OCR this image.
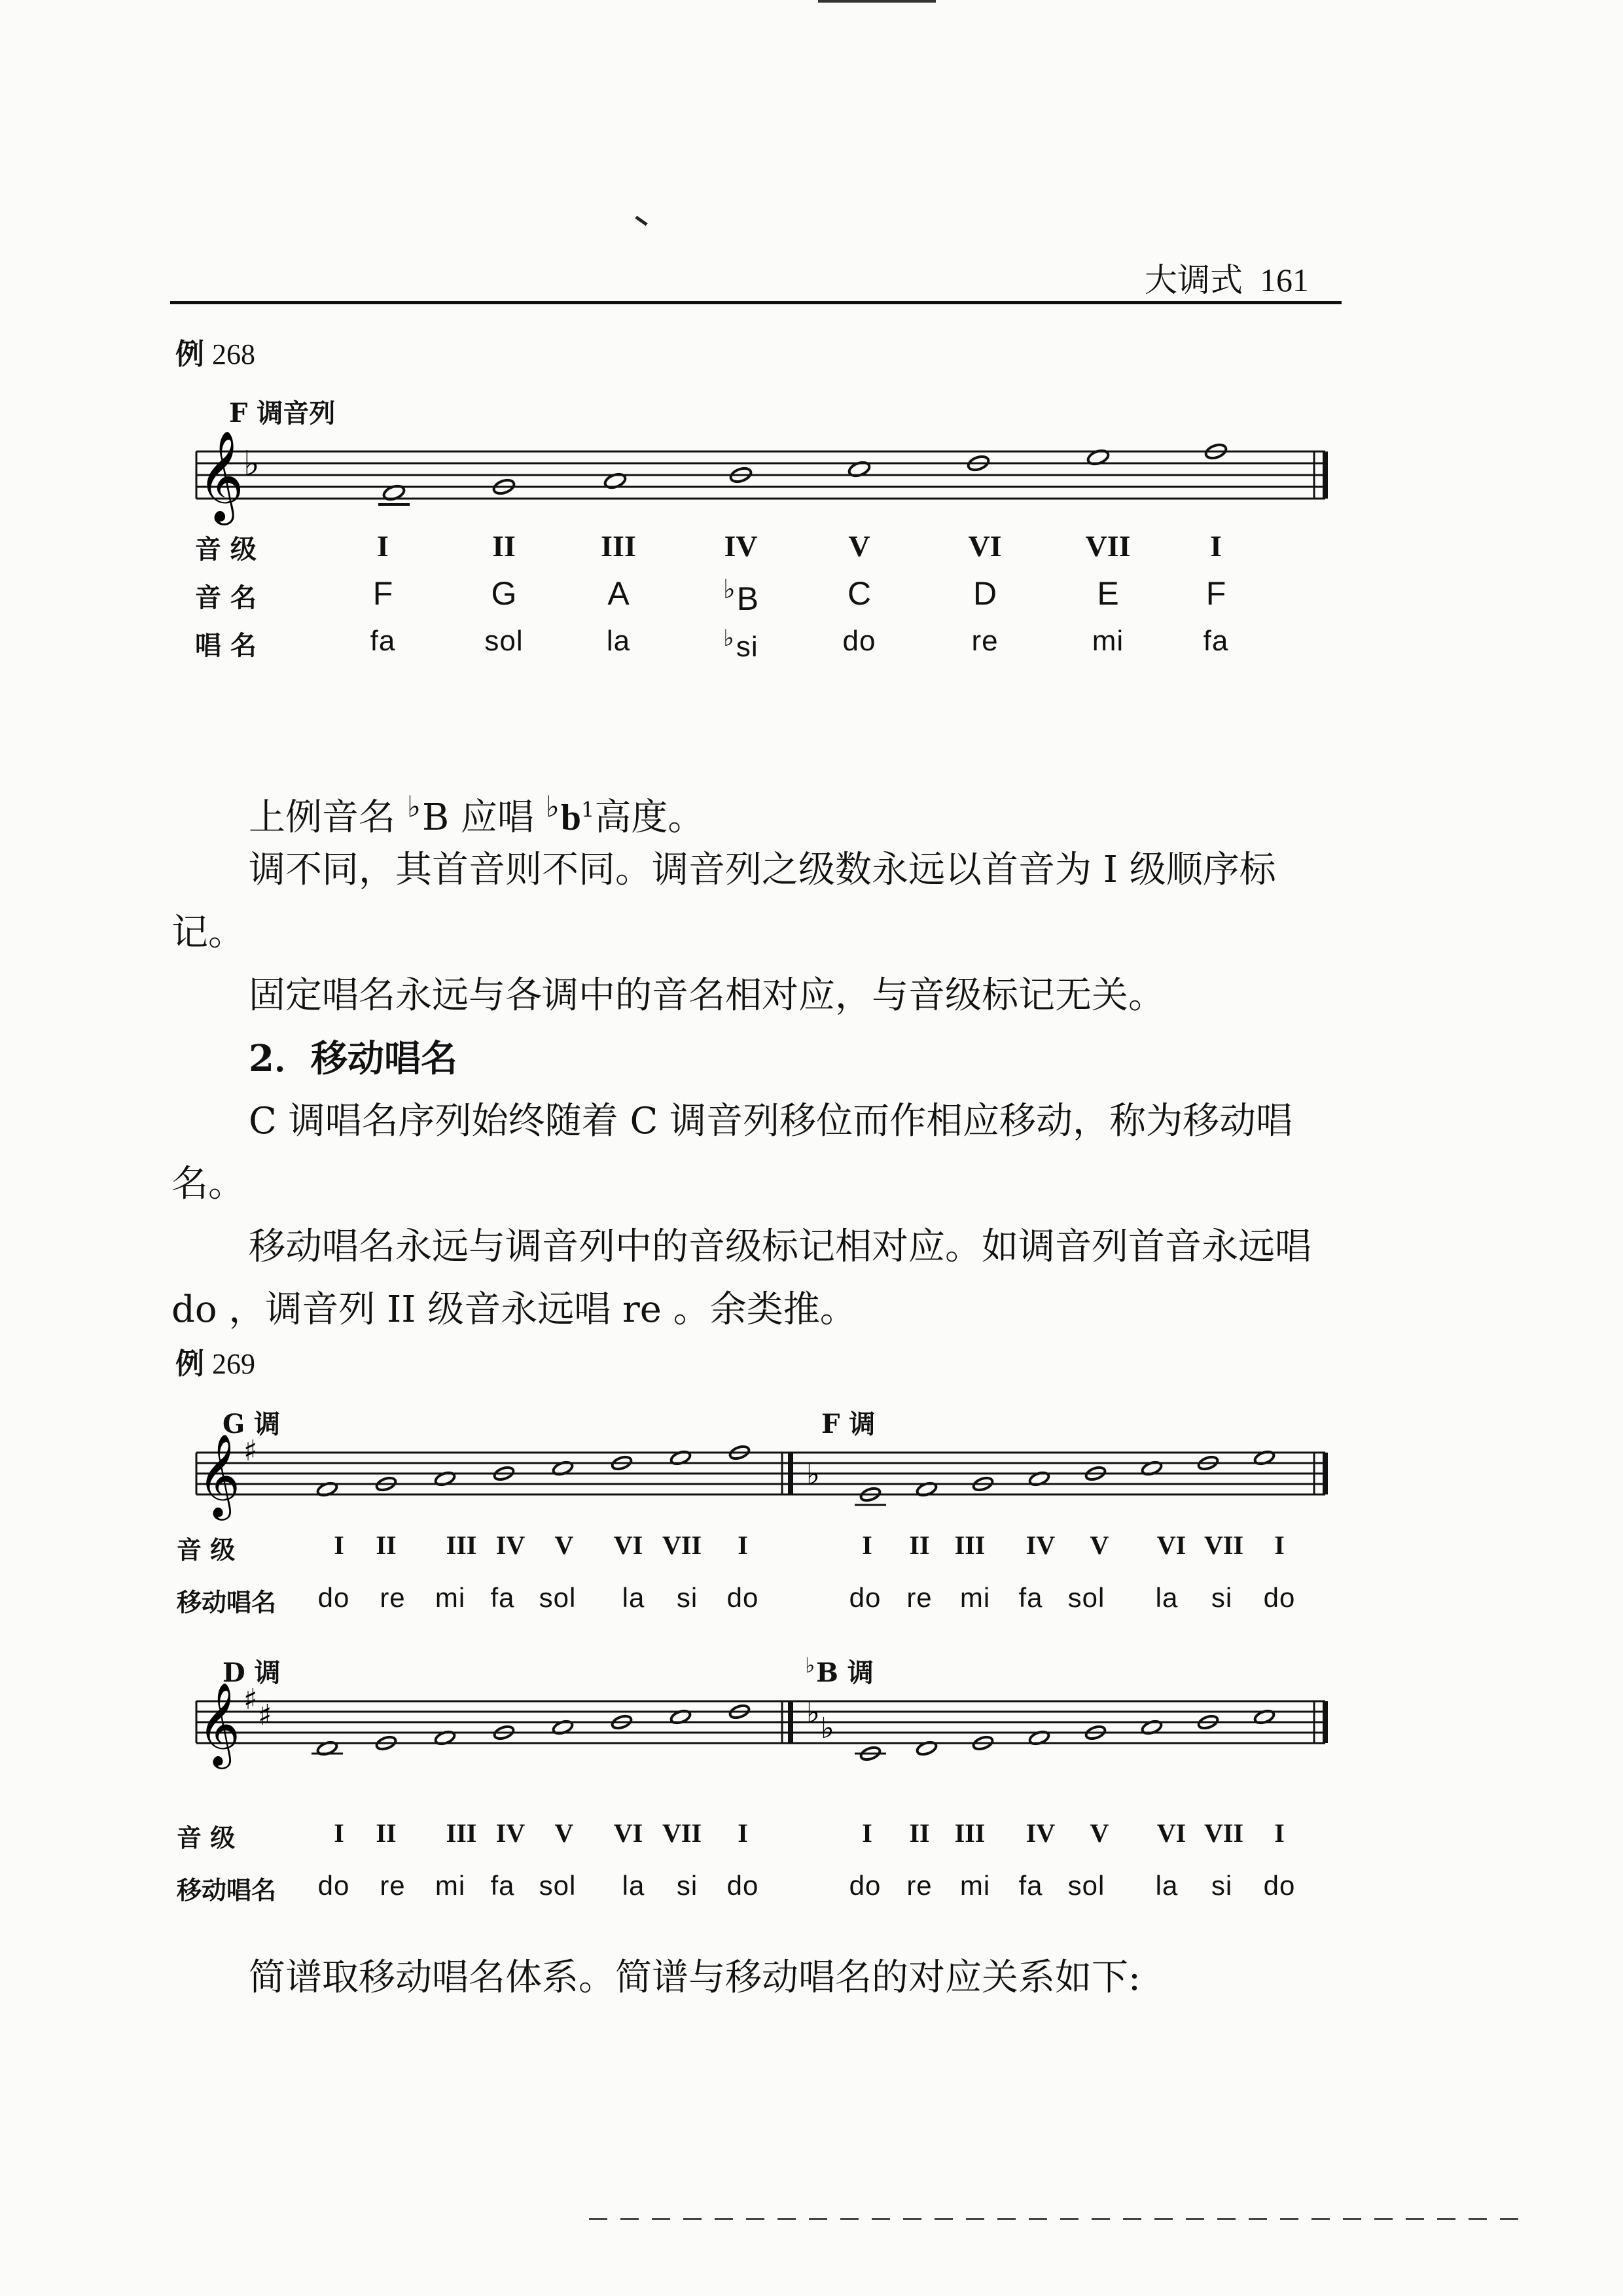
大调式 161
例 268
F 调音列
𝄞 ♭
音 级
音 名
唱 名
I	II	III	IV	V	VI	VII	I
F	G	A	♭B	C	D	E	F
fa	sol	la	♭si	do	re	mi	fa
上例音名 ♭B 应唱 $^♭b^1$高度。
调不同，其首音则不同。调音列之级数永远以首音为 I 级顺序标记。
固定唱名永远与各调中的音名相对应，与音级标记无关。
2．移动唱名
C 调唱名序列始终随着 C 调音列移位而作相应移动，称为移动唱名。
移动唱名永远与调音列中的音级标记相对应。如调音列首音永远唱 do ，调音列 II 级音永远唱 re 。余类推。
例 269
G 调	F 调
D 调	♭B 调
𝄞 ♯
♭
𝄞 ♯ ♯	♭ ♭
音 级
移动唱名
I II III IV V VI VII I
do re mi fa sol la si do
I II III IV V VI VII I
do re mi fa sol la si do
音 级
移动唱名
I II III IV V VI VII I
do re mi fa sol la si do
I II III IV V VI VII I
do re mi fa sol la si do
简谱取移动唱名体系。简谱与移动唱名的对应关系如下:
